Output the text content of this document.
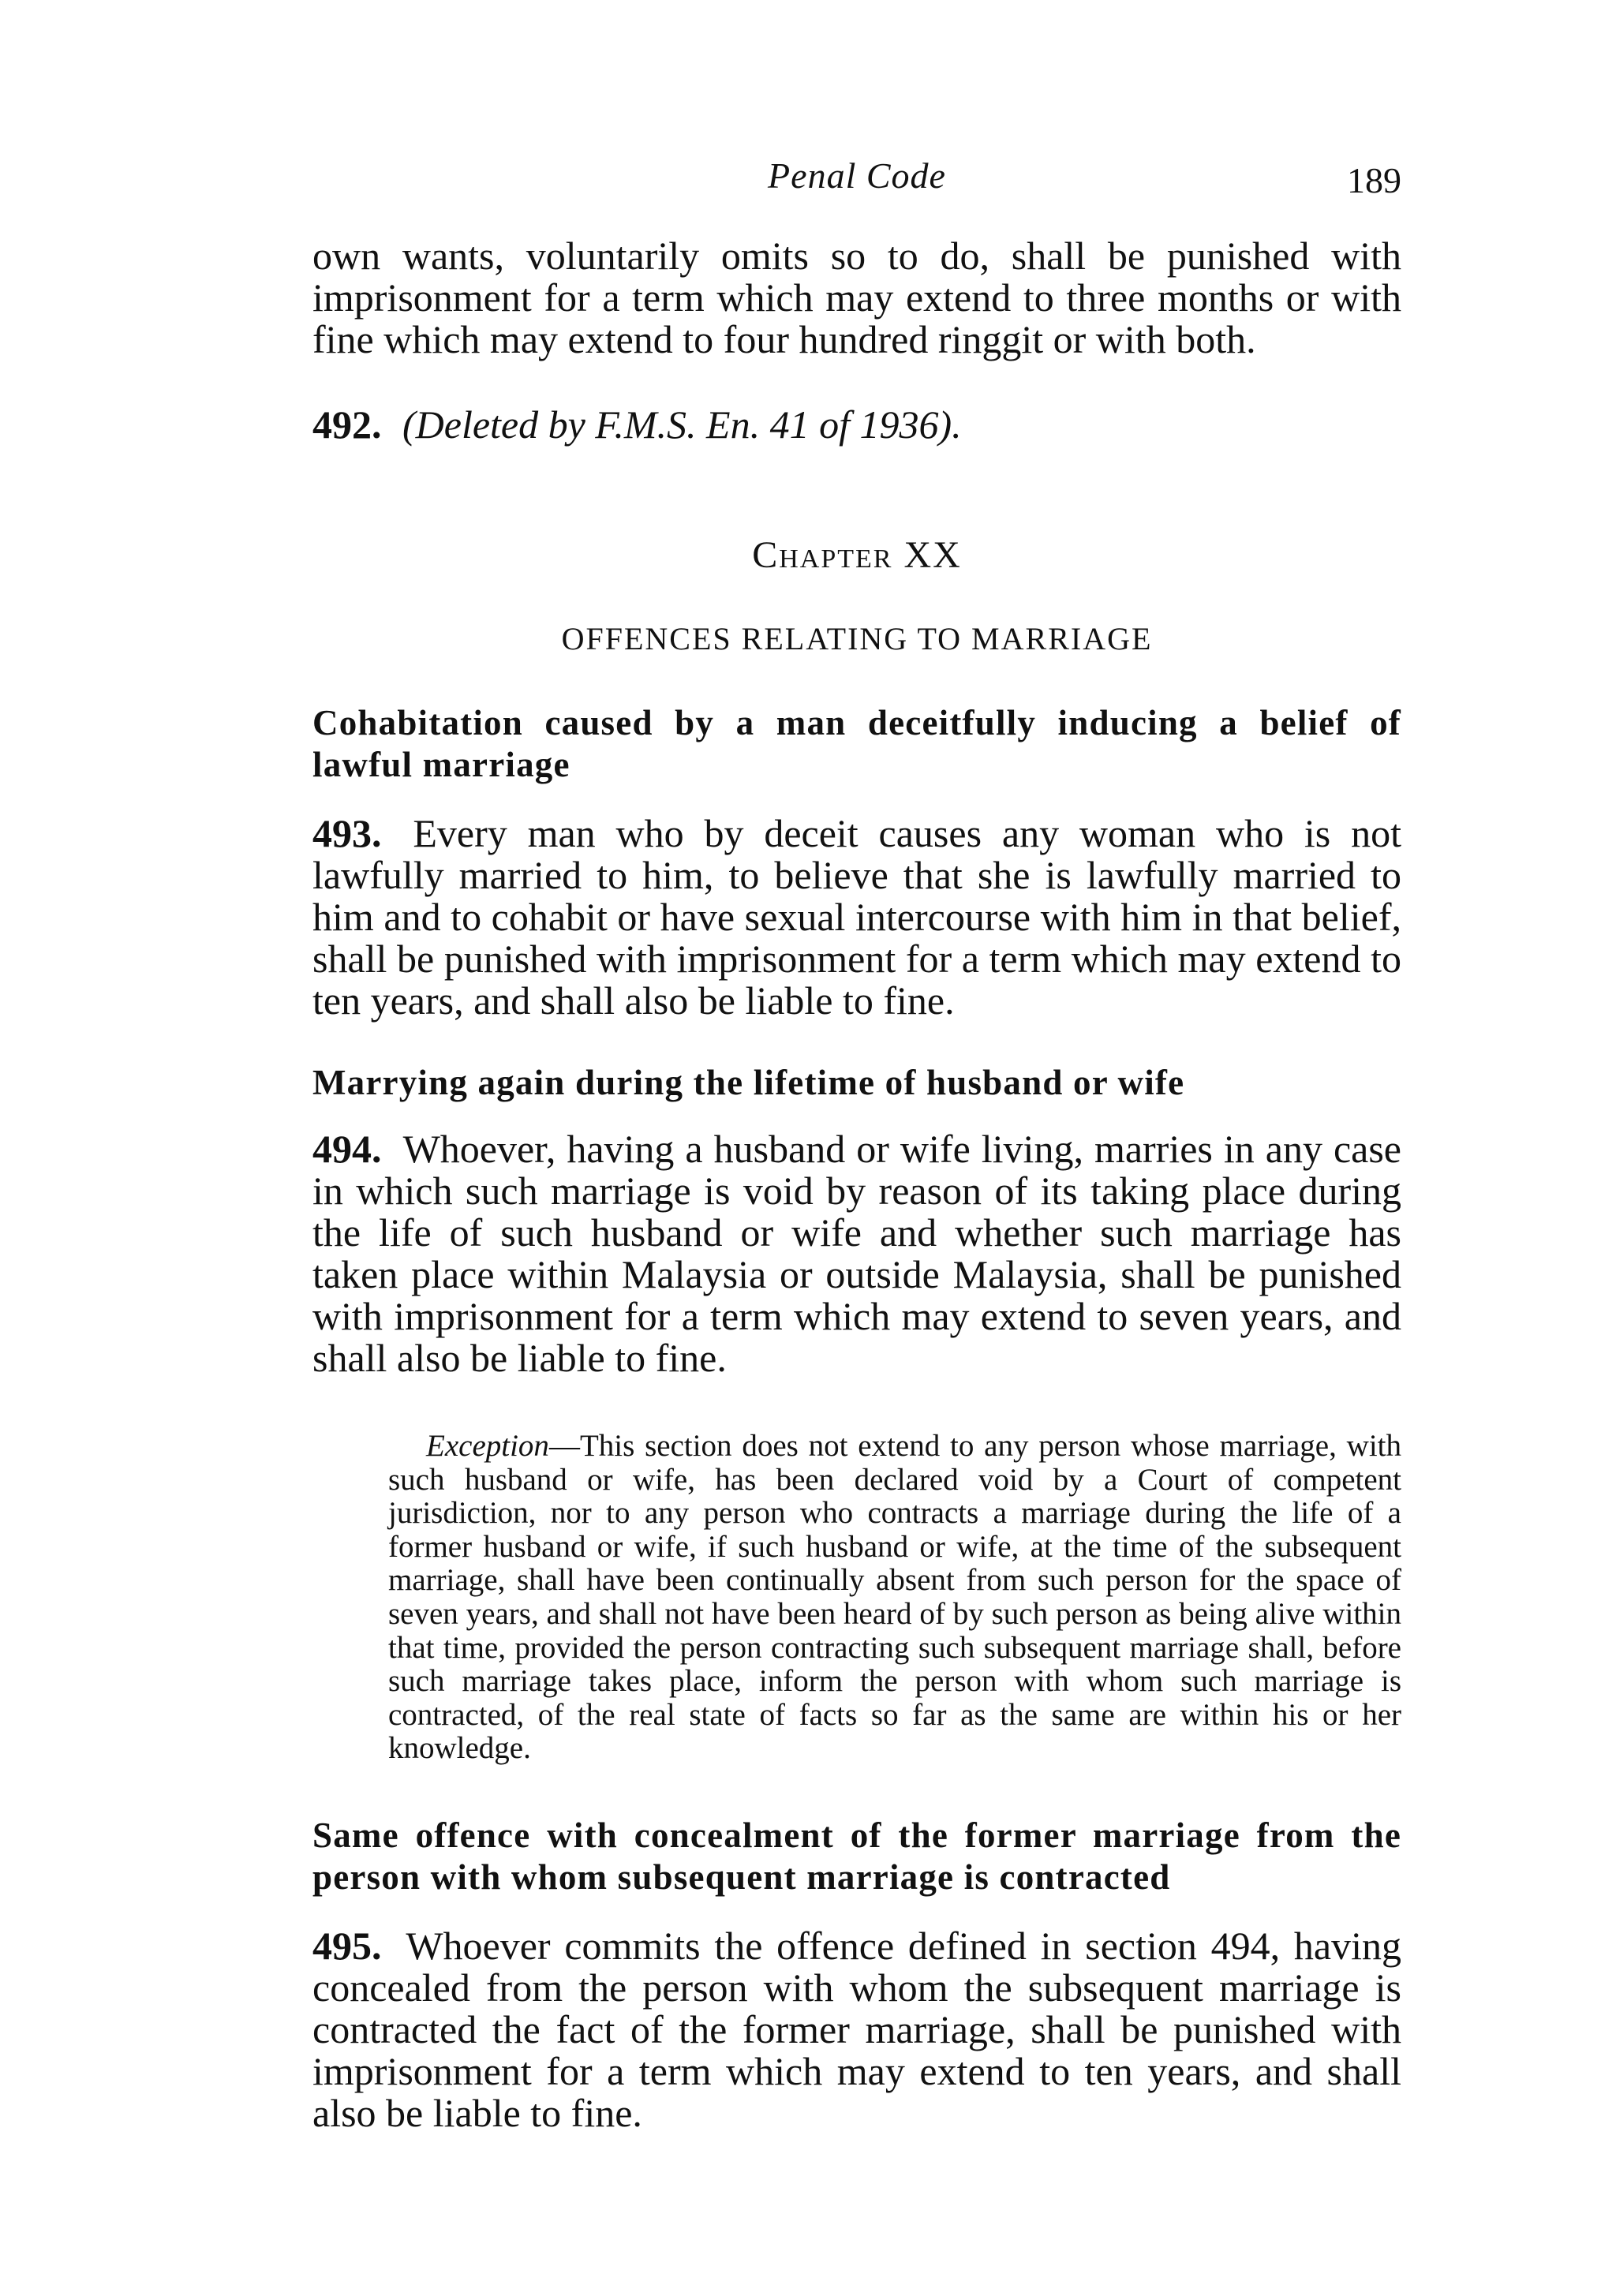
Penal Code	189

own wants, voluntarily omits so to do, shall be punished with imprisonment for a term which may extend to three months or with fine which may extend to four hundred ringgit or with both.

492. (Deleted by F.M.S. En. 41 of 1936).

Chapter XX
OFFENCES RELATING TO MARRIAGE

Cohabitation caused by a man deceitfully inducing a belief of lawful marriage

493. Every man who by deceit causes any woman who is not lawfully married to him, to believe that she is lawfully married to him and to cohabit or have sexual intercourse with him in that belief, shall be punished with imprisonment for a term which may extend to ten years, and shall also be liable to fine.

Marrying again during the lifetime of husband or wife

494. Whoever, having a husband or wife living, marries in any case in which such marriage is void by reason of its taking place during the life of such husband or wife and whether such marriage has taken place within Malaysia or outside Malaysia, shall be punished with imprisonment for a term which may extend to seven years, and shall also be liable to fine.

Exception—This section does not extend to any person whose marriage, with such husband or wife, has been declared void by a Court of competent jurisdiction, nor to any person who contracts a marriage during the life of a former husband or wife, if such husband or wife, at the time of the subsequent marriage, shall have been continually absent from such person for the space of seven years, and shall not have been heard of by such person as being alive within that time, provided the person contracting such subsequent marriage shall, before such marriage takes place, inform the person with whom such marriage is contracted, of the real state of facts so far as the same are within his or her knowledge.

Same offence with concealment of the former marriage from the person with whom subsequent marriage is contracted

495. Whoever commits the offence defined in section 494, having concealed from the person with whom the subsequent marriage is contracted the fact of the former marriage, shall be punished with imprisonment for a term which may extend to ten years, and shall also be liable to fine.
